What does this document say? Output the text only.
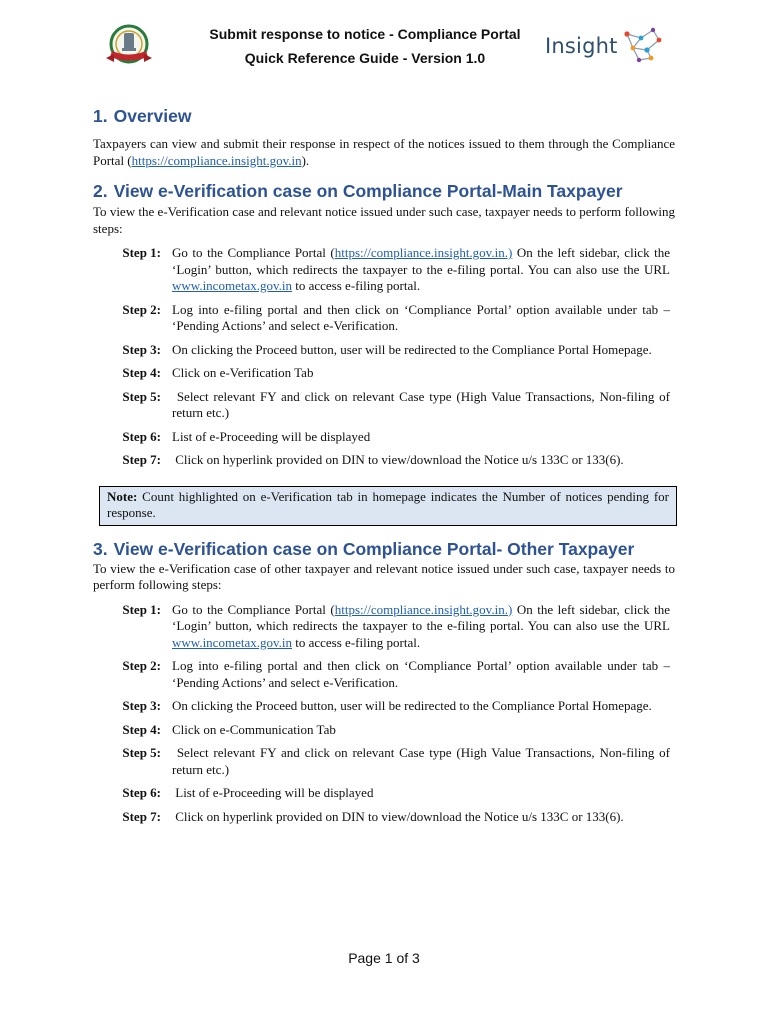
Submit response to notice - Compliance Portal
Quick Reference Guide - Version 1.0	Insight
1. Overview

Taxpayers can view and submit their response in respect of the notices issued to them through the Compliance Portal (https://compliance.insight.gov.in).

2. View e-Verification case on Compliance Portal-Main Taxpayer

To view the e-Verification case and relevant notice issued under such case, taxpayer needs to perform following steps:

Step 1: Go to the Compliance Portal (https://compliance.insight.gov.in.) On the left sidebar, click the ‘Login’ button, which redirects the taxpayer to the e-filing portal. You can also use the URL www.incometax.gov.in to access e-filing portal.
Step 2: Log into e-filing portal and then click on ‘Compliance Portal’ option available under tab – ‘Pending Actions’ and select e-Verification.
Step 3: On clicking the Proceed button, user will be redirected to the Compliance Portal Homepage.
Step 4: Click on e-Verification Tab
Step 5: Select relevant FY and click on relevant Case type (High Value Transactions, Non-filing of return etc.)
Step 6: List of e-Proceeding will be displayed
Step 7: Click on hyperlink provided on DIN to view/download the Notice u/s 133C or 133(6).
Note: Count highlighted on e-Verification tab in homepage indicates the Number of notices pending for response.
3. View e-Verification case on Compliance Portal- Other Taxpayer

To view the e-Verification case of other taxpayer and relevant notice issued under such case, taxpayer needs to perform following steps:

Step 1: Go to the Compliance Portal (https://compliance.insight.gov.in.) On the left sidebar, click the ‘Login’ button, which redirects the taxpayer to the e-filing portal. You can also use the URL www.incometax.gov.in to access e-filing portal.
Step 2: Log into e-filing portal and then click on ‘Compliance Portal’ option available under tab – ‘Pending Actions’ and select e-Verification.
Step 3: On clicking the Proceed button, user will be redirected to the Compliance Portal Homepage.
Step 4: Click on e-Communication Tab
Step 5: Select relevant FY and click on relevant Case type (High Value Transactions, Non-filing of return etc.)
Step 6: List of e-Proceeding will be displayed
Step 7: Click on hyperlink provided on DIN to view/download the Notice u/s 133C or 133(6).
Page 1 of 3
